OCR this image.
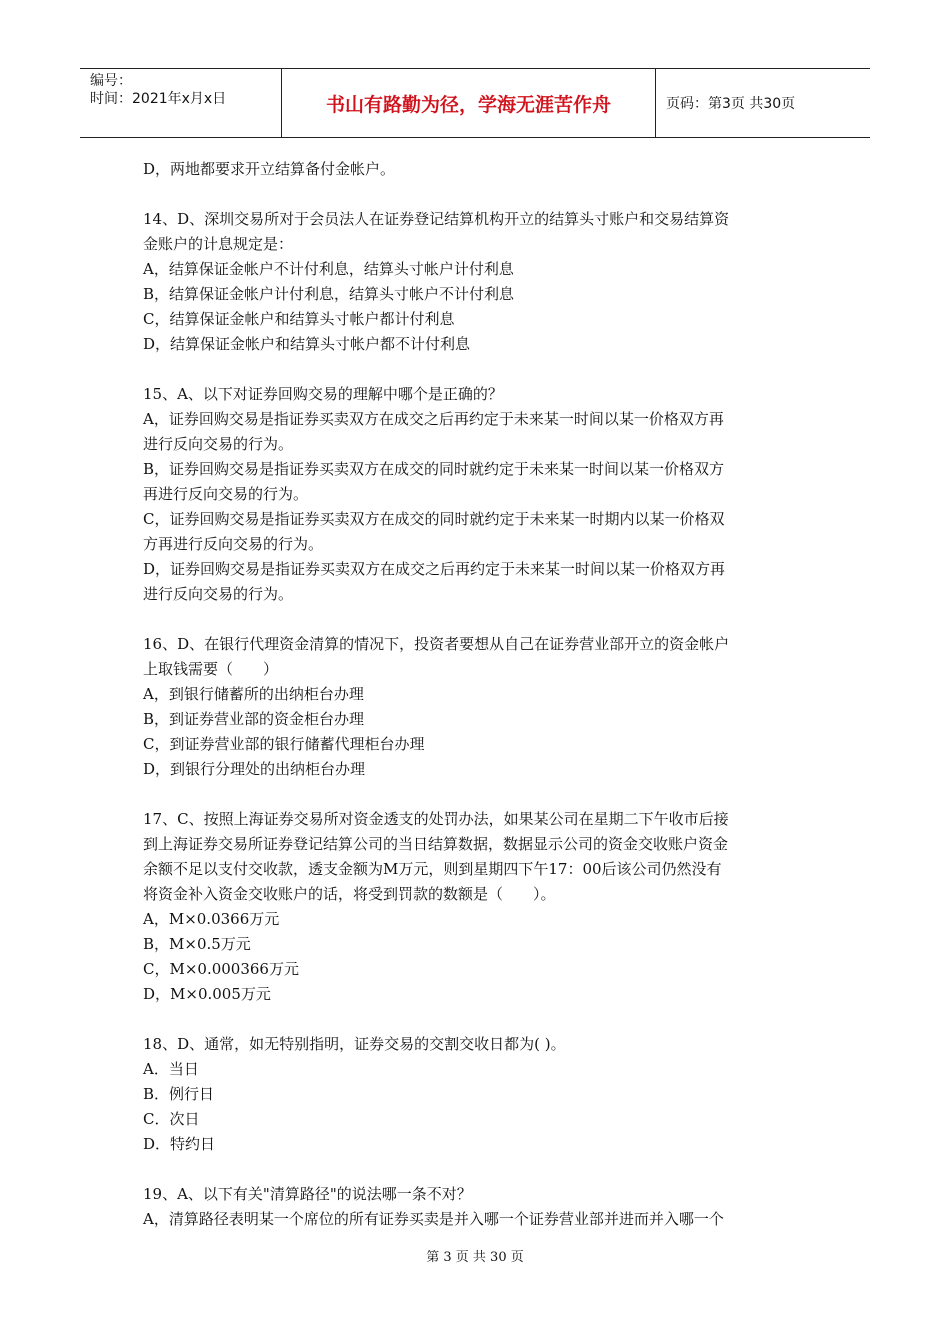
编号：
时间：2021年x月x日	书山有路勤为径，学海无涯苦作舟	页码：第3页 共30页
D，两地都要求开立结算备付金帐户。
14、D、深圳交易所对于会员法人在证券登记结算机构开立的结算头寸账户和交易结算资
金账户的计息规定是：
A，结算保证金帐户不计付利息，结算头寸帐户计付利息
B，结算保证金帐户计付利息，结算头寸帐户不计付利息
C，结算保证金帐户和结算头寸帐户都计付利息
D，结算保证金帐户和结算头寸帐户都不计付利息
15、A、以下对证券回购交易的理解中哪个是正确的？
A，证券回购交易是指证券买卖双方在成交之后再约定于未来某一时间以某一价格双方再
进行反向交易的行为。
B，证券回购交易是指证券买卖双方在成交的同时就约定于未来某一时间以某一价格双方
再进行反向交易的行为。
C，证券回购交易是指证券买卖双方在成交的同时就约定于未来某一时期内以某一价格双
方再进行反向交易的行为。
D，证券回购交易是指证券买卖双方在成交之后再约定于未来某一时间以某一价格双方再
进行反向交易的行为。
16、D、在银行代理资金清算的情况下，投资者要想从自己在证券营业部开立的资金帐户
上取钱需要（　　）
A，到银行储蓄所的出纳柜台办理
B，到证券营业部的资金柜台办理
C，到证券营业部的银行储蓄代理柜台办理
D，到银行分理处的出纳柜台办理
17、C、按照上海证券交易所对资金透支的处罚办法，如果某公司在星期二下午收市后接
到上海证券交易所证券登记结算公司的当日结算数据，数据显示公司的资金交收账户资金
余额不足以支付交收款，透支金额为M万元，则到星期四下午17：00后该公司仍然没有
将资金补入资金交收账户的话，将受到罚款的数额是（　　）。
A，M×0.0366万元
B，M×0.5万元
C，M×0.000366万元
D，M×0.005万元
18、D、通常，如无特别指明，证券交易的交割交收日都为( )。
A．当日
B．例行日
C．次日
D．特约日
19、A、以下有关"清算路径"的说法哪一条不对？
A，清算路径表明某一个席位的所有证券买卖是并入哪一个证券营业部并进而并入哪一个
第 3 页 共 30 页
